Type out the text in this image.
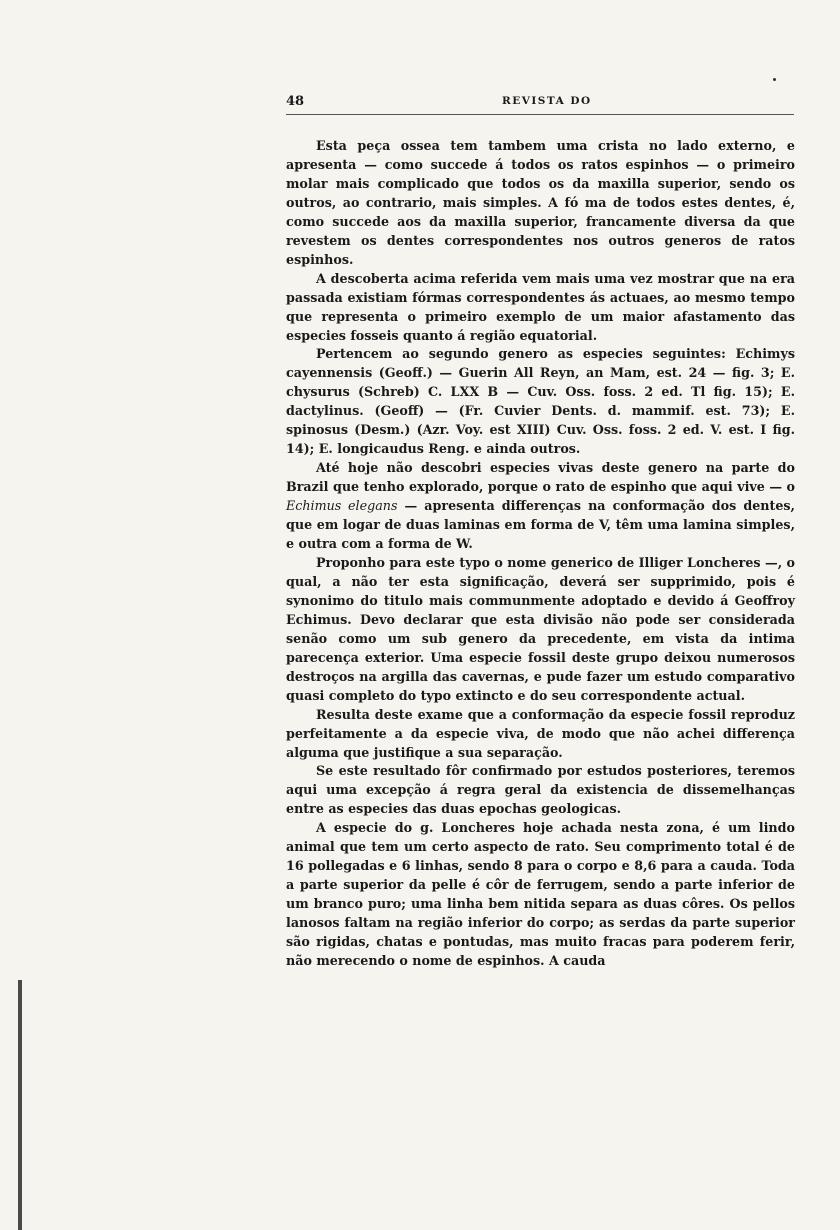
48	REVISTA DO

Esta peça ossea tem tambem uma crista no lado externo, e apresenta — como succede á todos os ratos espinhos — o primeiro molar mais complicado que todos os da maxilla superior, sendo os outros, ao contrario, mais simples. A fó ma de todos estes dentes, é, como succede aos da maxilla superior, francamente diversa da que revestem os dentes correspondentes nos outros generos de ratos espinhos.

A descoberta acima referida vem mais uma vez mostrar que na era passada existiam fórmas correspondentes ás actuaes, ao mesmo tempo que representa o primeiro exemplo de um maior afastamento das especies fosseis quanto á região equatorial.

Pertencem ao segundo genero as especies seguintes: Echimys cayennensis (Geoff.) — Guerin All Reyn, an Mam, est. 24 — fig. 3; E. chysurus (Schreb) C. LXX B — Cuv. Oss. foss. 2 ed. Tl fig. 15); E. dactylinus. (Geoff) — (Fr. Cuvier Dents. d. mammif. est. 73); E. spinosus (Desm.) (Azr. Voy. est XIII) Cuv. Oss. foss. 2 ed. V. est. I fig. 14); E. longicaudus Reng. e ainda outros.

Até hoje não descobri especies vivas deste genero na parte do Brazil que tenho explorado, porque o rato de espinho que aqui vive — o Echimus elegans — apresenta differenças na conformação dos dentes, que em logar de duas laminas em forma de V, têm uma lamina simples, e outra com a forma de W.

Proponho para este typo o nome generico de Illiger Loncheres —, o qual, a não ter esta significação, deverá ser supprimido, pois é synonimo do titulo mais communmente adoptado e devido á Geoffroy Echimus. Devo declarar que esta divisão não pode ser considerada senão como um sub genero da precedente, em vista da intima parecença exterior. Uma especie fossil deste grupo deixou numerosos destroços na argilla das cavernas, e pude fazer um estudo comparativo quasi completo do typo extincto e do seu correspondente actual.

Resulta deste exame que a conformação da especie fossil reproduz perfeitamente a da especie viva, de modo que não achei differença alguma que justifique a sua separação.

Se este resultado fôr confirmado por estudos posteriores, teremos aqui uma excepção á regra geral da existencia de dissemelhanças entre as especies das duas epochas geologicas.

A especie do g. Loncheres hoje achada nesta zona, é um lindo animal que tem um certo aspecto de rato. Seu comprimento total é de 16 pollegadas e 6 linhas, sendo 8 para o corpo e 8,6 para a cauda. Toda a parte superior da pelle é côr de ferrugem, sendo a parte inferior de um branco puro; uma linha bem nitida separa as duas côres. Os pellos lanosos faltam na região inferior do corpo; as serdas da parte superior são rigidas, chatas e pontudas, mas muito fracas para poderem ferir, não merecendo o nome de espinhos. A cauda
